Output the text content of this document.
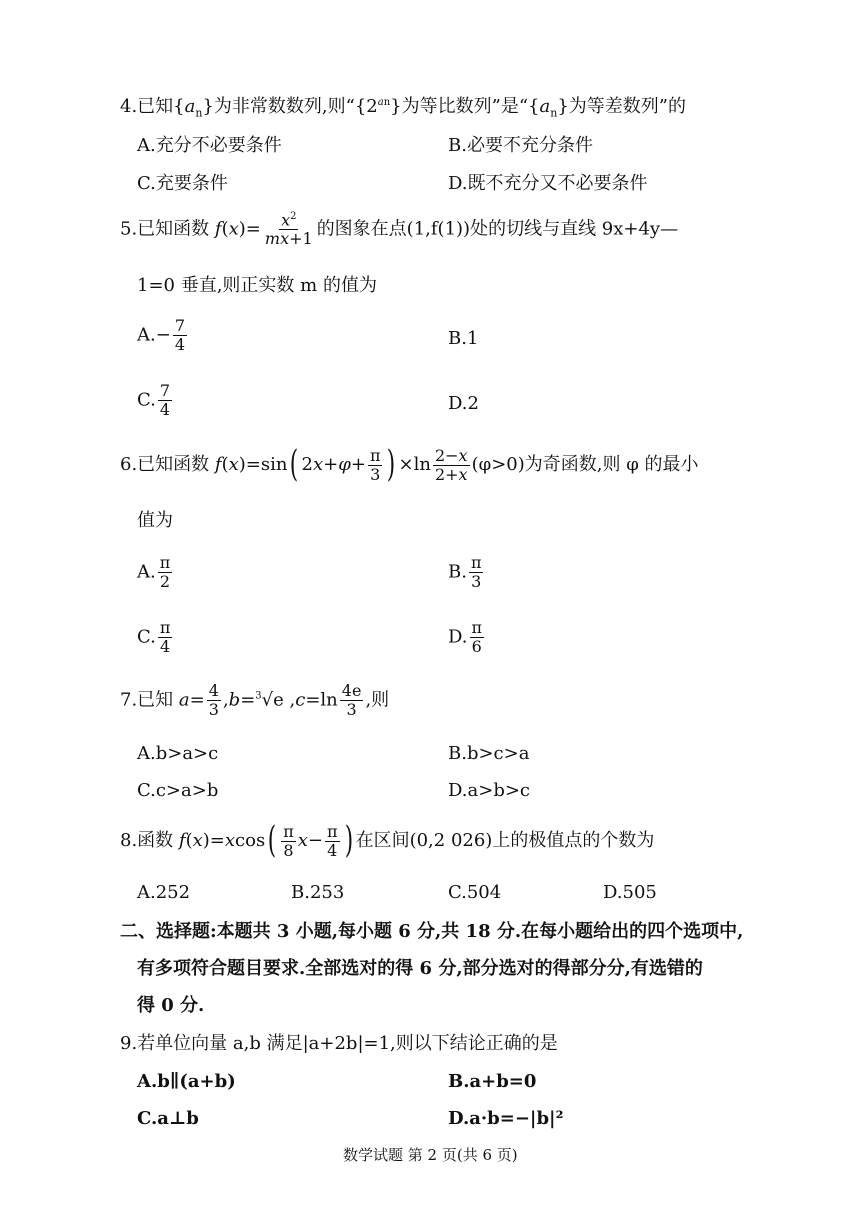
4.已知$\{a_n\}$为非常数数列,则“$\{2^{an}\}$为等比数列”是“$\{a_n\}$为等差数列”的
A.充分不必要条件	B.必要不充分条件
C.充要条件	D.既不充分又不必要条件
5.已知函数 $f(x)= \frac{x^2}{mx+1}$ 的图象在点(1,f(1))处的切线与直线 9x+4y—
1=0 垂直,则正实数 m 的值为
$A.- \frac{7}{4}$	B.1
C. $\frac{7}{4}$	D.2
6.已知函数 f(x)=sin( $2x+\varphi+ \frac{\pi}{3}$ ) $\times\ln \frac{2-x}{2+x} (\varphi>0)$为奇函数,则 φ 的最小
值为
A. $\frac{\pi}{2}$	B. $\frac{\pi}{3}$
C. $\frac{\pi}{4}$	D. $\frac{\pi}{6}$
7.已知 $a= \frac{4}{3} ,b=^3√e$ $,c=\ln \frac{4e}{3}$ ,则
A.b>a>c	B.b>c>a
C.c>a>b	D.a>b>c
8.函数 $f(x)=xcos( \frac{\pi}{8} x- \frac{\pi}{4}$ ) 在区间(0,2 026)上的极值点的个数为
A.252	B.253	C.504	D.505
二、选择题:本题共 3 小题,每小题 6 分,共 18 分.在每小题给出的四个选项中,
有多项符合题目要求.全部选对的得 6 分,部分选对的得部分分,有选错的
得 0 分.
9.若单位向量 a,b 满足|a+2b|=1,则以下结论正确的是
A.b∥(a+b)	B.a+b=0
C.a⊥b	D.a·b=−|b|²
数学试题 第 2 页(共 6 页)
